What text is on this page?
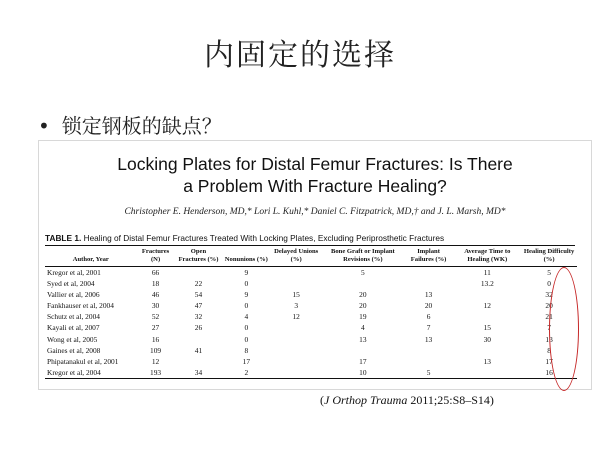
内固定的选择
• 锁定钢板的缺点？
Locking Plates for Distal Femur Fractures: Is There
a Problem With Fracture Healing?
Christopher E. Henderson, MD,* Lori L. Kuhl,* Daniel C. Fitzpatrick, MD,† and J. L. Marsh, MD*
TABLE 1. Healing of Distal Femur Fractures Treated With Locking Plates, Excluding Periprosthetic Fractures
Author, Year	Fractures (N)	Open Fractures (%)	Nonunions (%)	Delayed Unions (%)	Bone Graft or Implant Revisions (%)	Implant Failures (%)	Average Time to Healing (WK)	Healing Difficulty (%)
Kregor et al, 2001	66		9		5		11	5
Syed et al, 2004	18	22	0				13.2	0
Vallier et al, 2006	46	54	9	15	20	13		32
Fankhauser et al, 2004	30	47	0	3	20	20	12	20
Schutz et al, 2004	52	32	4	12	19	6		21
Kayali et al, 2007	27	26	0		4	7	15	7
Wong et al, 2005	16		0		13	13	30	13
Gaines et al, 2008	109	41	8					8
Phipatanakul et al, 2001	12		17		17		13	17
Kregor et al, 2004	193	34	2		10	5		16
(J Orthop Trauma 2011;25:S8–S14)
